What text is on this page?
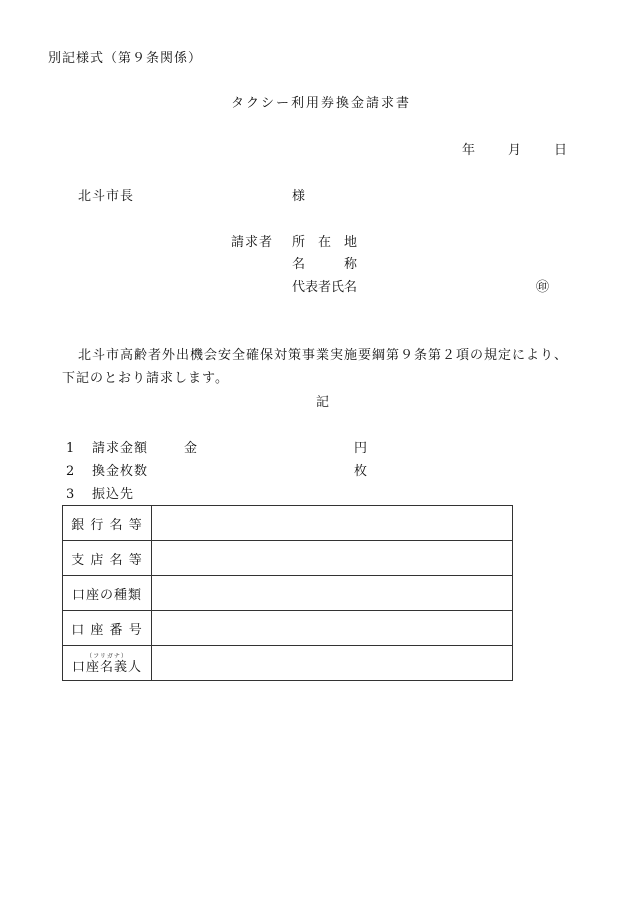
別記様式（第９条関係）
タクシー利用券換金請求書
年	月	日
北斗市長	様
請求者 所　在　地
名　　　称
代表者氏名	㊞
北斗市高齢者外出機会安全確保対策事業実施要綱第９条第２項の規定により、
下記のとおり請求します。
記
1 請求金額	金	円
2 換金枚数	枚
3 振込先
銀 行 名 等	
支 店 名 等	
口座の種類	
口 座 番 号	

（フリガナ）
口座名義人	
